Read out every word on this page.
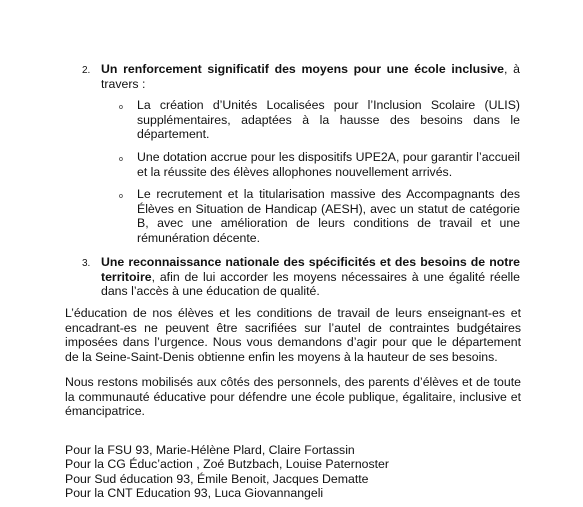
2. Un renforcement significatif des moyens pour une école inclusive, à travers :
o La création d’Unités Localisées pour l’Inclusion Scolaire (ULIS) supplémentaires, adaptées à la hausse des besoins dans le département.
o Une dotation accrue pour les dispositifs UPE2A, pour garantir l’accueil et la réussite des élèves allophones nouvellement arrivés.
o Le recrutement et la titularisation massive des Accompagnants des Élèves en Situation de Handicap (AESH), avec un statut de catégorie B, avec une amélioration de leurs conditions de travail et une rémunération décente.
3. Une reconnaissance nationale des spécificités et des besoins de notre territoire, afin de lui accorder les moyens nécessaires à une égalité réelle dans l’accès à une éducation de qualité.
L’éducation de nos élèves et les conditions de travail de leurs enseignant-es et encadrant-es ne peuvent être sacrifiées sur l’autel de contraintes budgétaires imposées dans l’urgence. Nous vous demandons d’agir pour que le département de la Seine-Saint-Denis obtienne enfin les moyens à la hauteur de ses besoins.
Nous restons mobilisés aux côtés des personnels, des parents d’élèves et de toute la communauté éducative pour défendre une école publique, égalitaire, inclusive et émancipatrice.
Pour la FSU 93, Marie-Hélène Plard, Claire Fortassin
Pour la CG Éduc’action , Zoé Butzbach, Louise Paternoster
Pour Sud éducation 93, Émile Benoit, Jacques Dematte
Pour la CNT Education 93, Luca Giovannangeli
